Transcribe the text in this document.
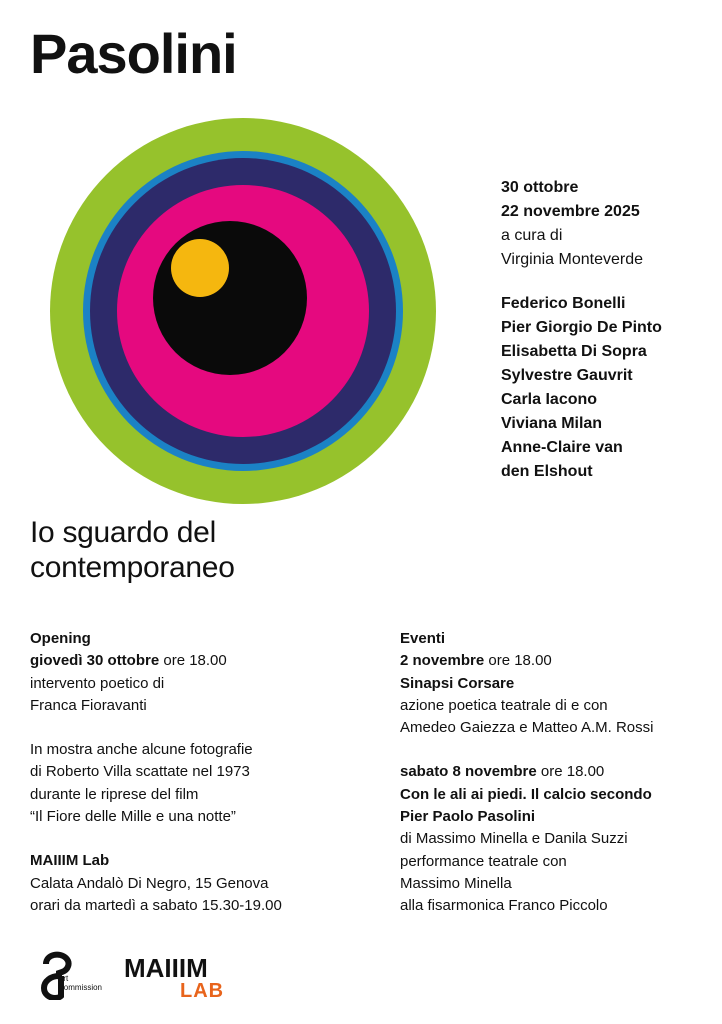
Pasolini
30 ottobre
22 novembre 2025
a cura di
Virginia Monteverde
Federico Bonelli
Pier Giorgio De Pinto
Elisabetta Di Sopra
Sylvestre Gauvrit
Carla Iacono
Viviana Milan
Anne-Claire van
den Elshout
Io sguardo del
contemporaneo
Opening
giovedì 30 ottobre ore 18.00
intervento poetico di
Franca Fioravanti
In mostra anche alcune fotografie
di Roberto Villa scattate nel 1973
durante le riprese del film
“Il Fiore delle Mille e una notte”
MAIIIM Lab
Calata Andalò Di Negro, 15 Genova
orari da martedì a sabato 15.30-19.00
Eventi
2 novembre ore 18.00
Sinapsi Corsare
azione poetica teatrale di e con
Amedeo Gaiezza e Matteo A.M. Rossi
sabato 8 novembre ore 18.00
Con le ali ai piedi. Il calcio secondo
Pier Paolo Pasolini
di Massimo Minella e Danila Suzzi
performance teatrale con
Massimo Minella
alla fisarmonica Franco Piccolo
Art
Commission
MAIIIM
LAB
